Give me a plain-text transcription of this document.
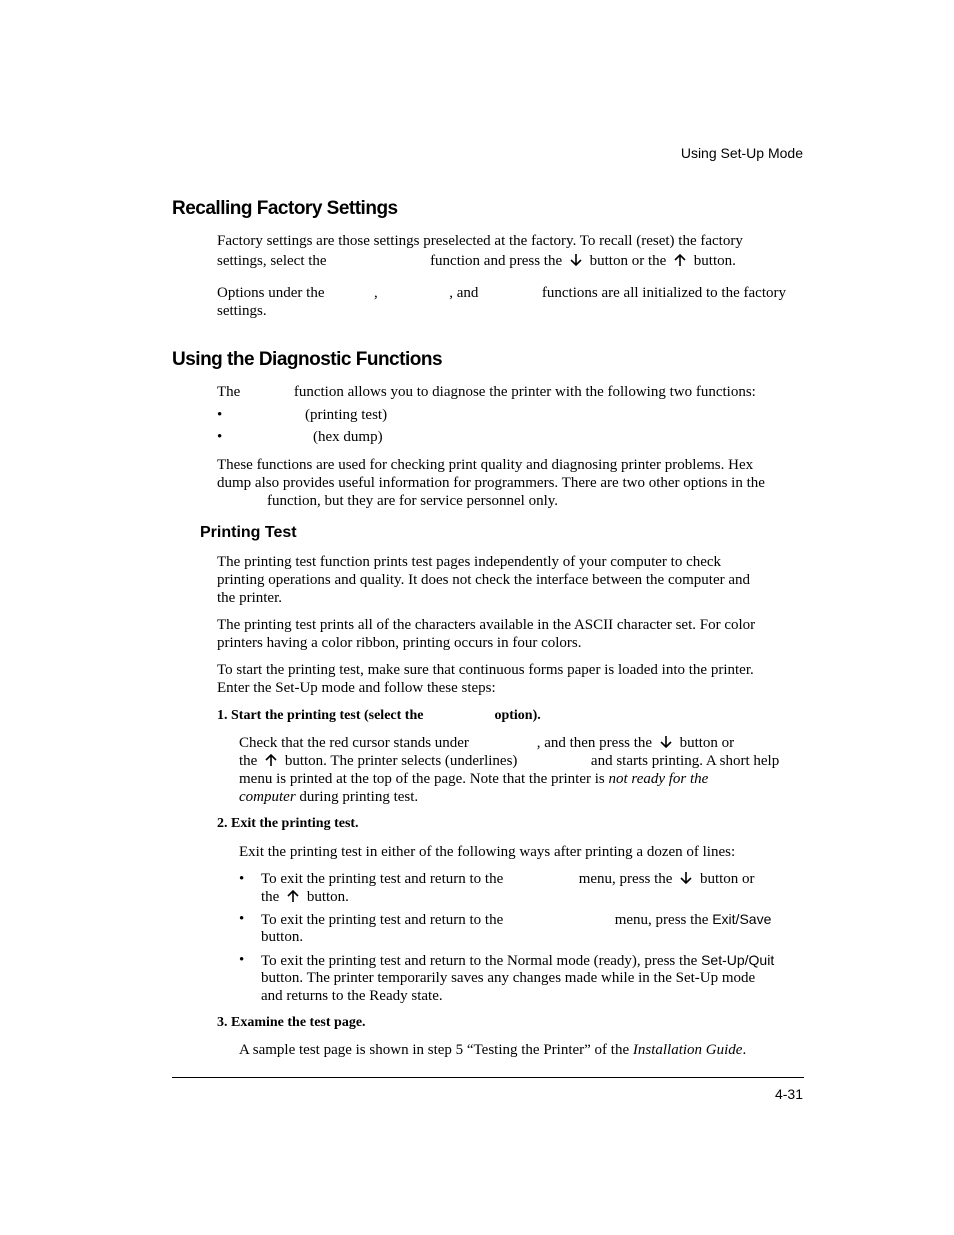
Using Set-Up Mode
Recalling Factory Settings
Factory settings are those settings preselected at the factory. To recall (reset) the factory
settings, select the	function and press the button or the button.
Options under the	,	, and	functions are all initialized to the factory
settings.
Using the Diagnostic Functions
The	function allows you to diagnose the printer with the following two functions:
•	(printing test)
•	(hex dump)
These functions are used for checking print quality and diagnosing printer problems. Hex
dump also provides useful information for programmers. There are two other options in the
function, but they are for service personnel only.
Printing Test
The printing test function prints test pages independently of your computer to check
printing operations and quality. It does not check the interface between the computer and
the printer.
The printing test prints all of the characters available in the ASCII character set. For color
printers having a color ribbon, printing occurs in four colors.
To start the printing test, make sure that continuous forms paper is loaded into the printer.
Enter the Set-Up mode and follow these steps:
1. Start the printing test (select the	option).
Check that the red cursor stands under	, and then press the button or
the button. The printer selects (underlines)	and starts printing. A short help
menu is printed at the top of the page. Note that the printer is not ready for the
computer during printing test.
2. Exit the printing test.
Exit the printing test in either of the following ways after printing a dozen of lines:
• To exit the printing test and return to the	menu, press the button or
the button.
• To exit the printing test and return to the	menu, press the Exit/Save
button.
• To exit the printing test and return to the Normal mode (ready), press the Set-Up/Quit
button. The printer temporarily saves any changes made while in the Set-Up mode
and returns to the Ready state.
3. Examine the test page.
A sample test page is shown in step 5 “Testing the Printer” of the Installation Guide.
4-31
